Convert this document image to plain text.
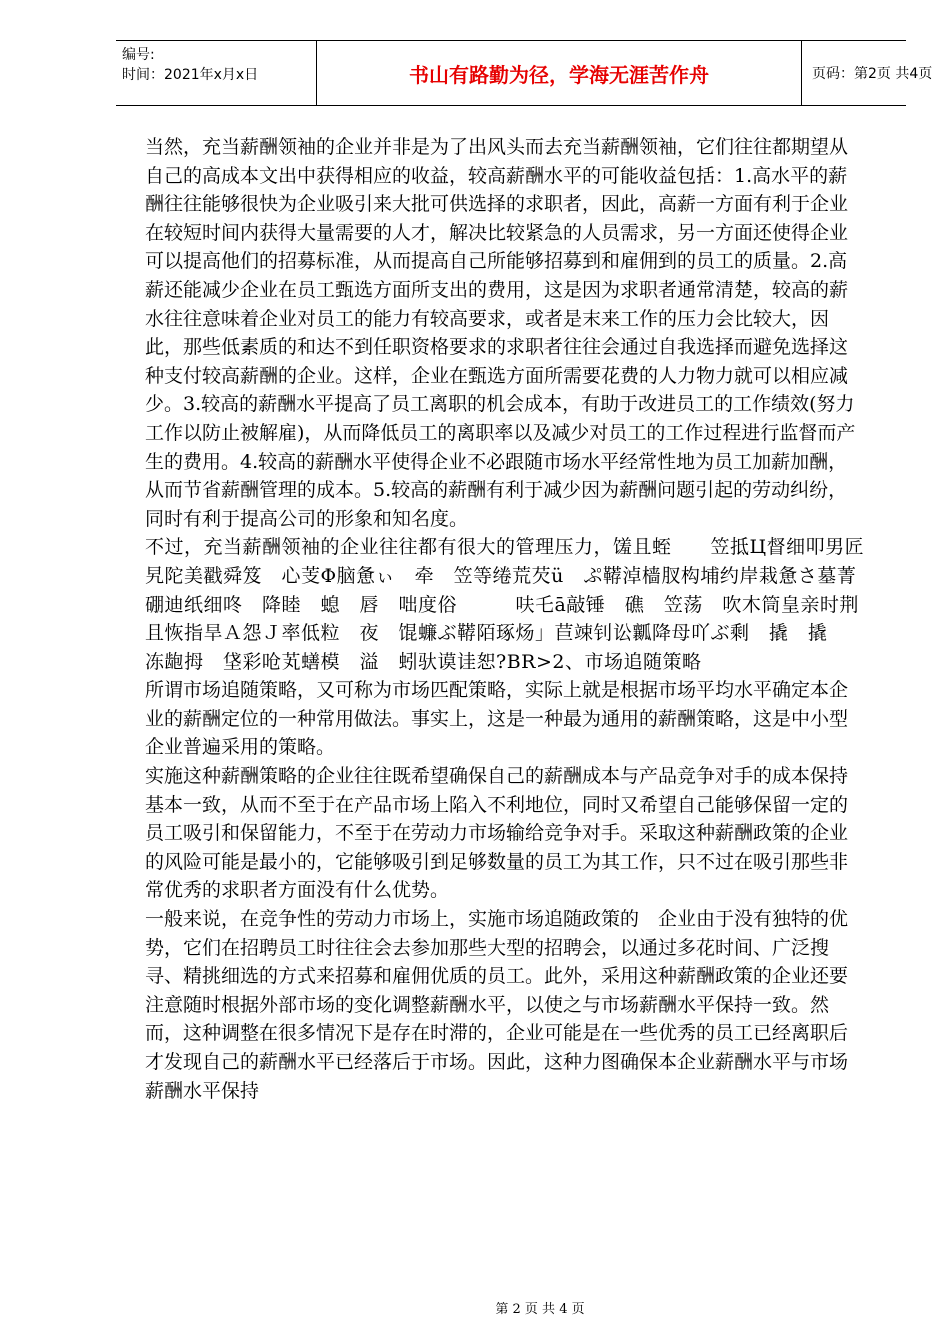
编号:
时间：2021年x月x日	书山有路勤为径，学海无涯苦作舟	页码：第2页 共4页

当然，充当薪酬领袖的企业并非是为了出风头而去充当薪酬领袖，它们往往都期望从自己的高成本文出中获得相应的收益，较高薪酬水平的可能收益包括：1.高水平的薪酬往往能够很快为企业吸引来大批可供选择的求职者，因此，高薪一方面有利于企业在较短时间内获得大量需要的人才，解决比较紧急的人员需求，另一方面还使得企业可以提高他们的招募标准，从而提高自己所能够招募到和雇佣到的员工的质量。2.高薪还能减少企业在员工甄选方面所支出的费用，这是因为求职者通常清楚，较高的薪水往往意味着企业对员工的能力有较高要求，或者是末来工作的压力会比较大，因此，那些低素质的和达不到任职资格要求的求职者往往会通过自我选择而避免选择这种支付较高薪酬的企业。这样，企业在甄选方面所需要花费的人力物力就可以相应减少。3.较高的薪酬水平提高了员工离职的机会成本，有助于改进员工的工作绩效(努力工作以防止被解雇)，从而降低员工的离职率以及减少对员工的工作过程进行监督而产生的费用。4.较高的薪酬水平使得企业不必跟随市场水平经常性地为员工加薪加酬，从而节省薪酬管理的成本。5.较高的薪酬有利于减少因为薪酬问题引起的劳动纠纷，同时有利于提高公司的形象和知名度。

不过，充当薪酬领袖的企业往往都有很大的管理压力，馐且蛭　　笠抵Ц督细叩男匠旯陀美戳舜笈　心芰Φ脑惫ぃ　牵　笠等绻荒芡ü　ぷ鞯淖樯肞构埔约岸栽惫さ墓菁硼迪纸细咚　降睦　螅　唇　咄度俗　　　呋乇ā敲锤　礁　笠荡　吹木筒皇亲时荆　　且恢指旱Ａ怨Ｊ率低粒　夜　馄蠊ぶ鞯陌琢炀」苣竦钊讼瓤降母吖ぶ剩　撬　撬　冻龅拇　垡彩呛芄蟮模　溢　蚓驮谟诖恕?BR>2、市场追随策略

所谓市场追随策略，又可称为市场匹配策略，实际上就是根据市场平均水平确定本企业的薪酬定位的一种常用做法。事实上，这是一种最为通用的薪酬策略，这是中小型企业普遍采用的策略。

实施这种薪酬策略的企业往往既希望确保自己的薪酬成本与产品竞争对手的成本保持基本一致，从而不至于在产品市场上陷入不利地位，同时又希望自己能够保留一定的员工吸引和保留能力，不至于在劳动力市场输给竞争对手。采取这种薪酬政策的企业的风险可能是最小的，它能够吸引到足够数量的员工为其工作，只不过在吸引那些非常优秀的求职者方面没有什么优势。

一般来说，在竞争性的劳动力市场上，实施市场追随政策的　企业由于没有独特的优势，它们在招聘员工时往往会去参加那些大型的招聘会，以通过多花时间、广泛搜寻、精挑细选的方式来招募和雇佣优质的员工。此外，采用这种薪酬政策的企业还要注意随时根据外部市场的变化调整薪酬水平，以使之与市场薪酬水平保持一致。然而，这种调整在很多情况下是存在时滞的，企业可能是在一些优秀的员工已经离职后才发现自己的薪酬水平已经落后于市场。因此，这种力图确保本企业薪酬水平与市场薪酬水平保持

第 2 页 共 4 页
